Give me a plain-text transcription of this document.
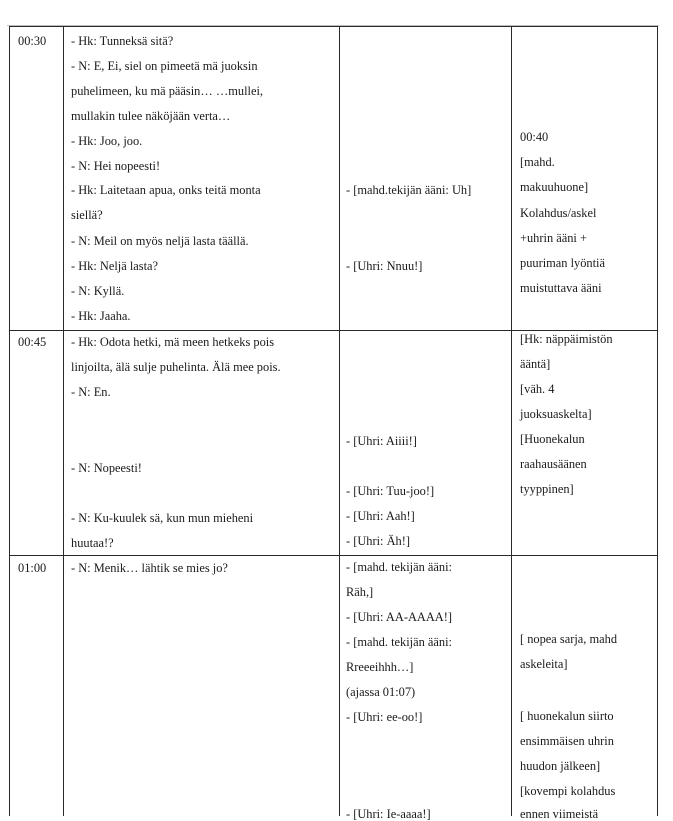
00:30 - Hk: Tunneksä sitä?
- N: E, Ei, siel on pimeetä mä juoksin
puhelimeen, ku mä pääsin… …mullei,
mullakin tulee näköjään verta…
- Hk: Joo, joo.
- N: Hei nopeesti!
- Hk: Laitetaan apua, onks teitä monta
siellä?
- N: Meil on myös neljä lasta täällä.
- Hk: Neljä lasta?
- N: Kyllä.
- Hk: Jaaha.
- [mahd.tekijän ääni: Uh]
- [Uhri: Nnuu!]
00:40
[mahd.
makuuhuone]
Kolahdus/askel
+uhrin ääni +
puuriman lyöntiä
muistuttava ääni
00:45 - Hk: Odota hetki, mä meen hetkeks pois
linjoilta, älä sulje puhelinta. Älä mee pois.
- N: En.
- N: Nopeesti!
- N: Ku-kuulek sä, kun mun mieheni
huutaa!?
- [Uhri: Aiiii!]
- [Uhri: Tuu-joo!]
- [Uhri: Aah!]
- [Uhri: Äh!]
[Hk: näppäimistön
ääntä]
[väh. 4
juoksuaskelta]
[Huonekalun
raahausäänen
tyyppinen]
01:00 - N: Menik… lähtik se mies jo?	- [mahd. tekijän ääni:
Räh,]
- [Uhri: AA-AAAA!]
- [mahd. tekijän ääni:
Rreeeihhh…]
(ajassa 01:07)
- [Uhri: ee-oo!]
- [Uhri: Ie-aaaa!]
[ nopea sarja, mahd
askeleita]
[ huonekalun siirto
ensimmäisen uhrin
huudon jälkeen]
[kovempi kolahdus
ennen viimeistä
